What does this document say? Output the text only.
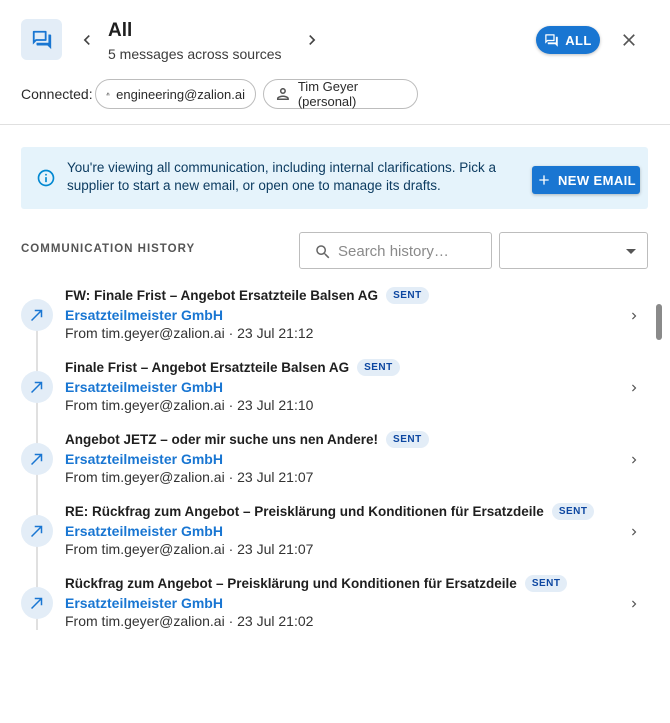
All
5 messages across sources
ALL
Connected: engineering@zalion.ai	Tim Geyer (personal)
You're viewing all communication, including internal clarifications. Pick a supplier to start a new email, or open one to manage its drafts.	NEW EMAIL
COMMUNICATION HISTORY
Search history…
FW: Finale Frist – Angebot Ersatzteile Balsen AG	SENT
Ersatzteilmeister GmbH
From tim.geyer@zalion.ai · 23 Jul 21:12
Finale Frist – Angebot Ersatzteile Balsen AG	SENT
Ersatzteilmeister GmbH
From tim.geyer@zalion.ai · 23 Jul 21:10
Angebot JETZ – oder mir suche uns nen Andere!	SENT
Ersatzteilmeister GmbH
From tim.geyer@zalion.ai · 23 Jul 21:07
RE: Rückfrag zum Angebot – Preisklärung und Konditionen für Ersatzdeile	SENT
Ersatzteilmeister GmbH
From tim.geyer@zalion.ai · 23 Jul 21:07
Rückfrag zum Angebot – Preisklärung und Konditionen für Ersatzdeile	SENT
Ersatzteilmeister GmbH
From tim.geyer@zalion.ai · 23 Jul 21:02
